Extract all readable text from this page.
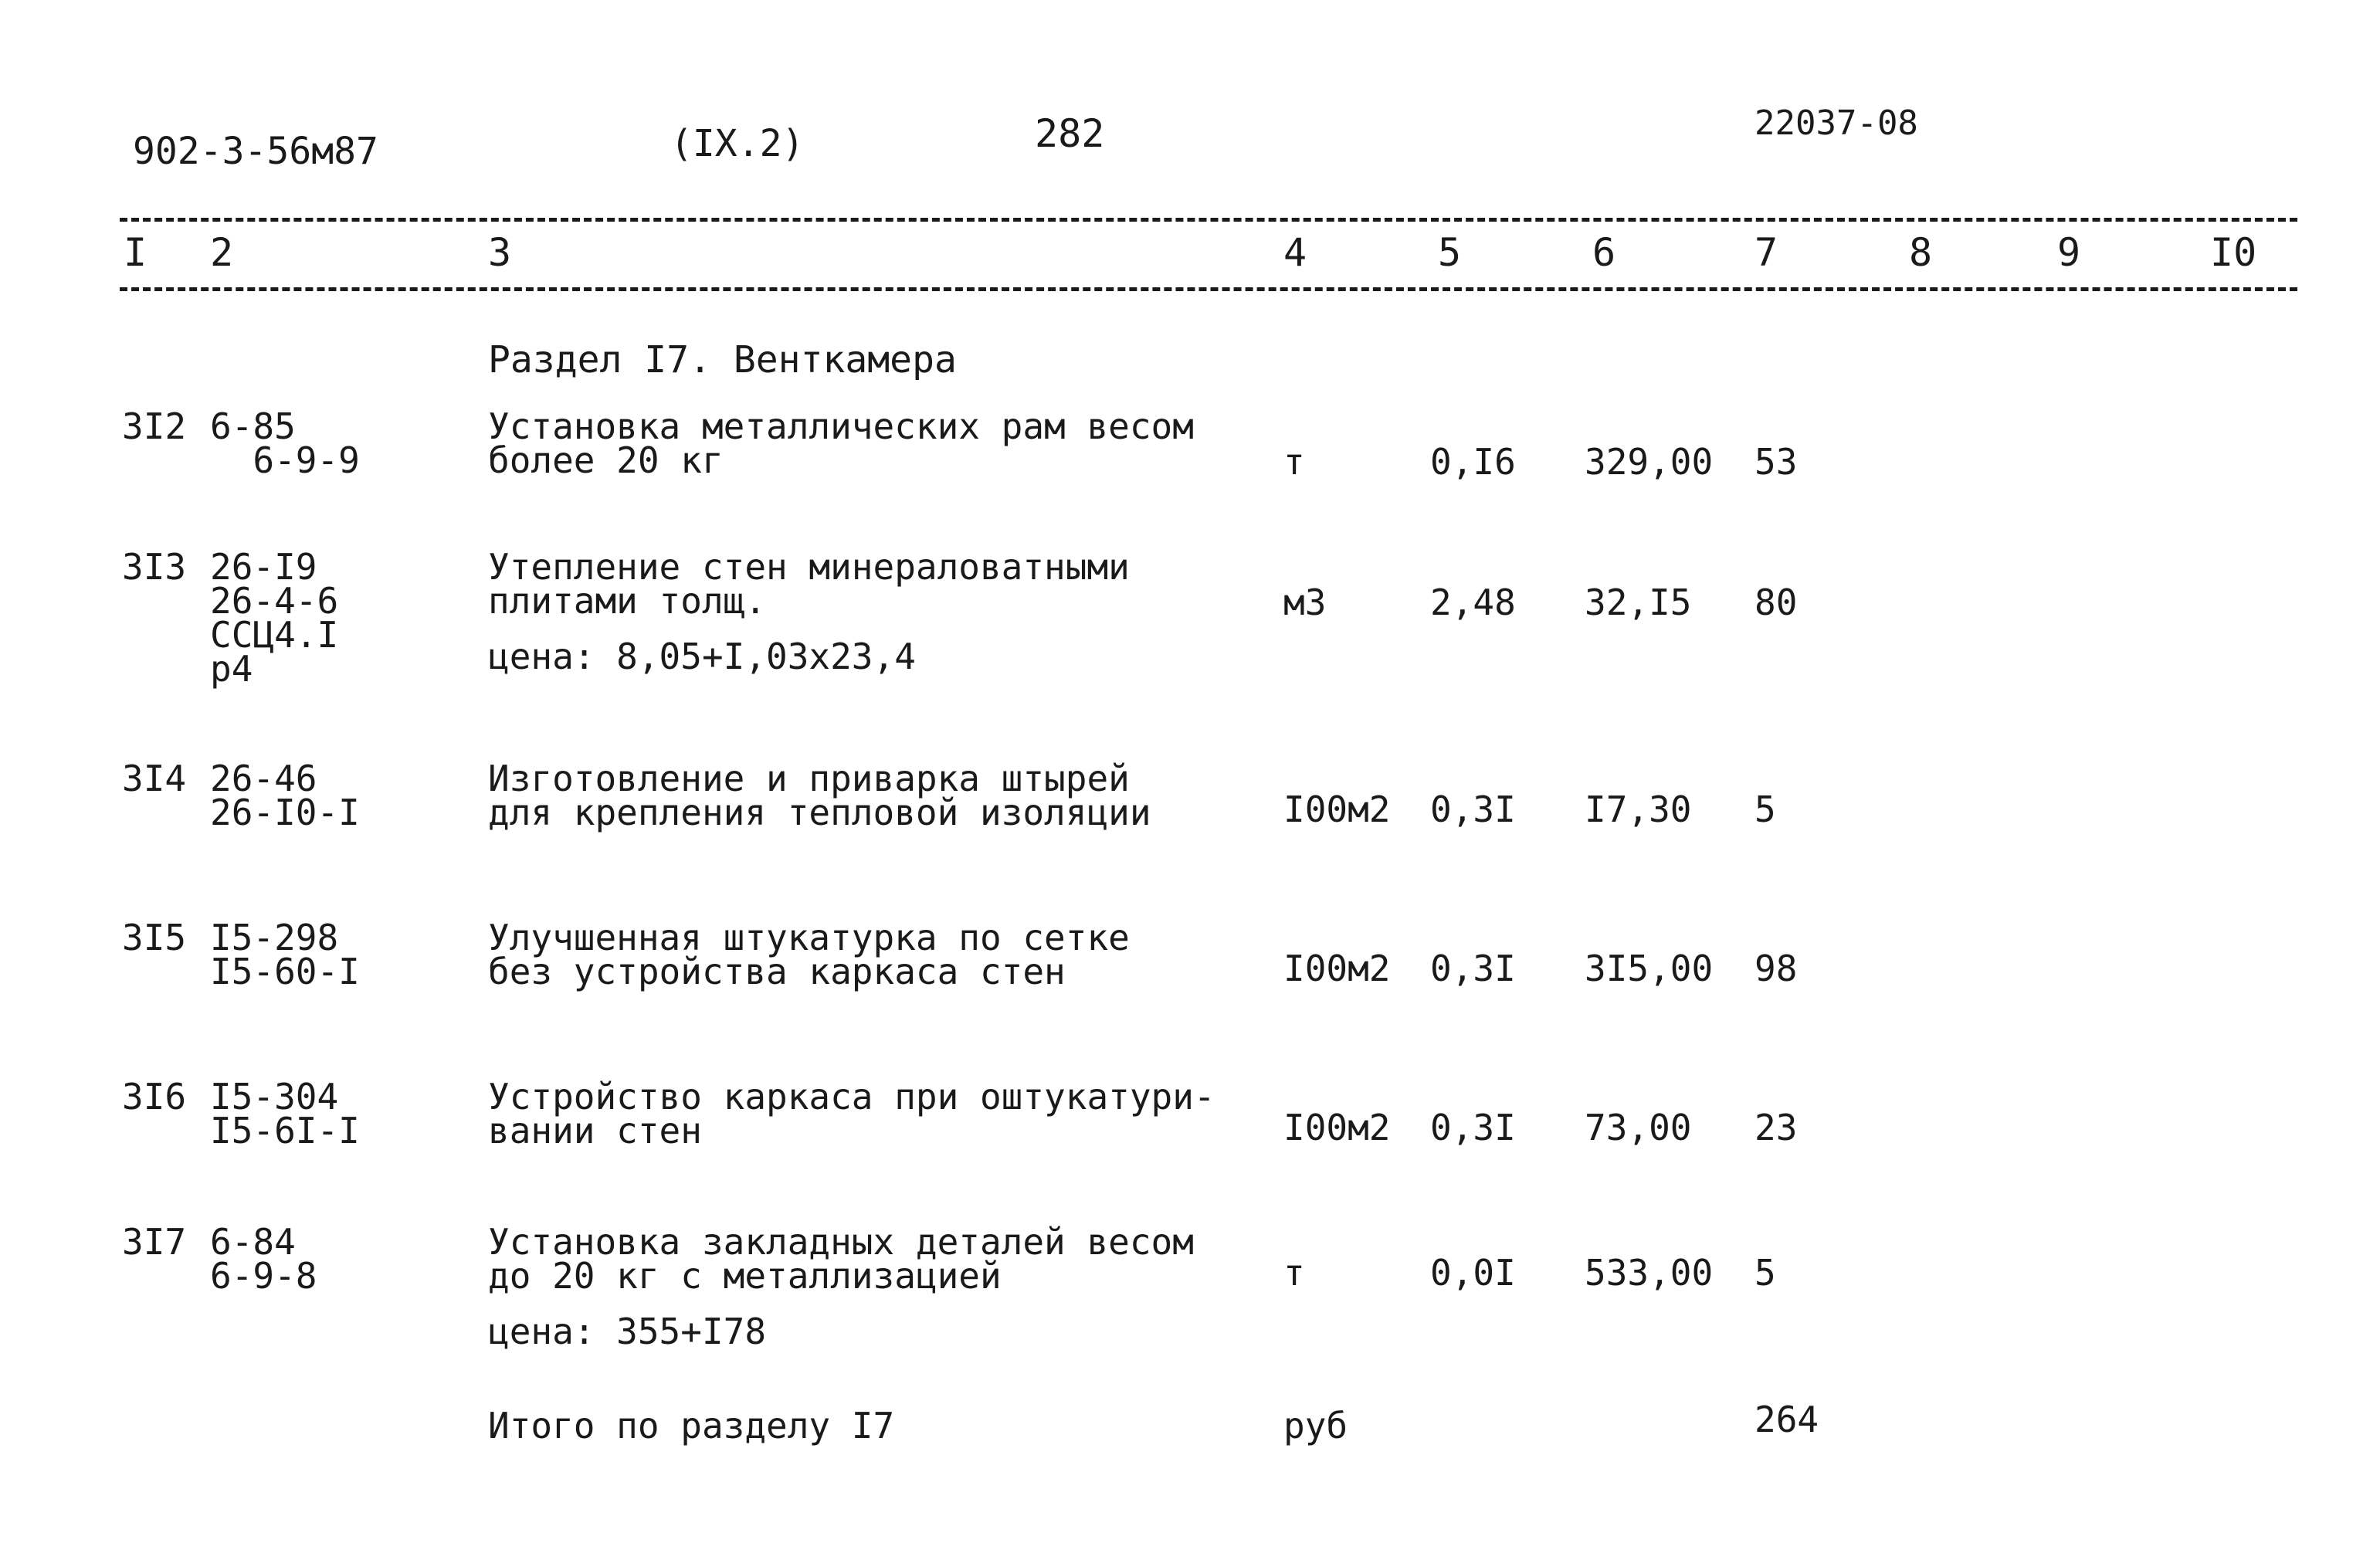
902-3-56м87	(IX.2)	282	22037-08
I 2	3	4	5	6	7	8	9	I0
Раздел I7. Венткамера
3I2 6-85
6-9-9
Установка металлических рам весом
более 20 кг	т	0,I6 329,00 53
3I3 26-I9
26-4-6
ССЦ4.I
р4
Утепление стен минераловатными
плитами толщ.
цена: 8,05+I,03x23,4
м3	2,48 32,I5 80
3I4 26-46
26-I0-I
Изготовление и приварка штырей
для крепления тепловой изоляции	I00м2 0,3I I7,30 5
3I5 I5-298
I5-60-I
Улучшенная штукатурка по сетке
без устройства каркаса стен	I00м2 0,3I 3I5,00 98
3I6 I5-304
I5-6I-I
Устройство каркаса при оштукатури-
вании стен	I00м2 0,3I 73,00 23
3I7 6-84
6-9-8
Установка закладных деталей весом
до 20 кг с металлизацией
цена: 355+I78
т	0,0I 533,00 5
Итого по разделу I7	руб	264
